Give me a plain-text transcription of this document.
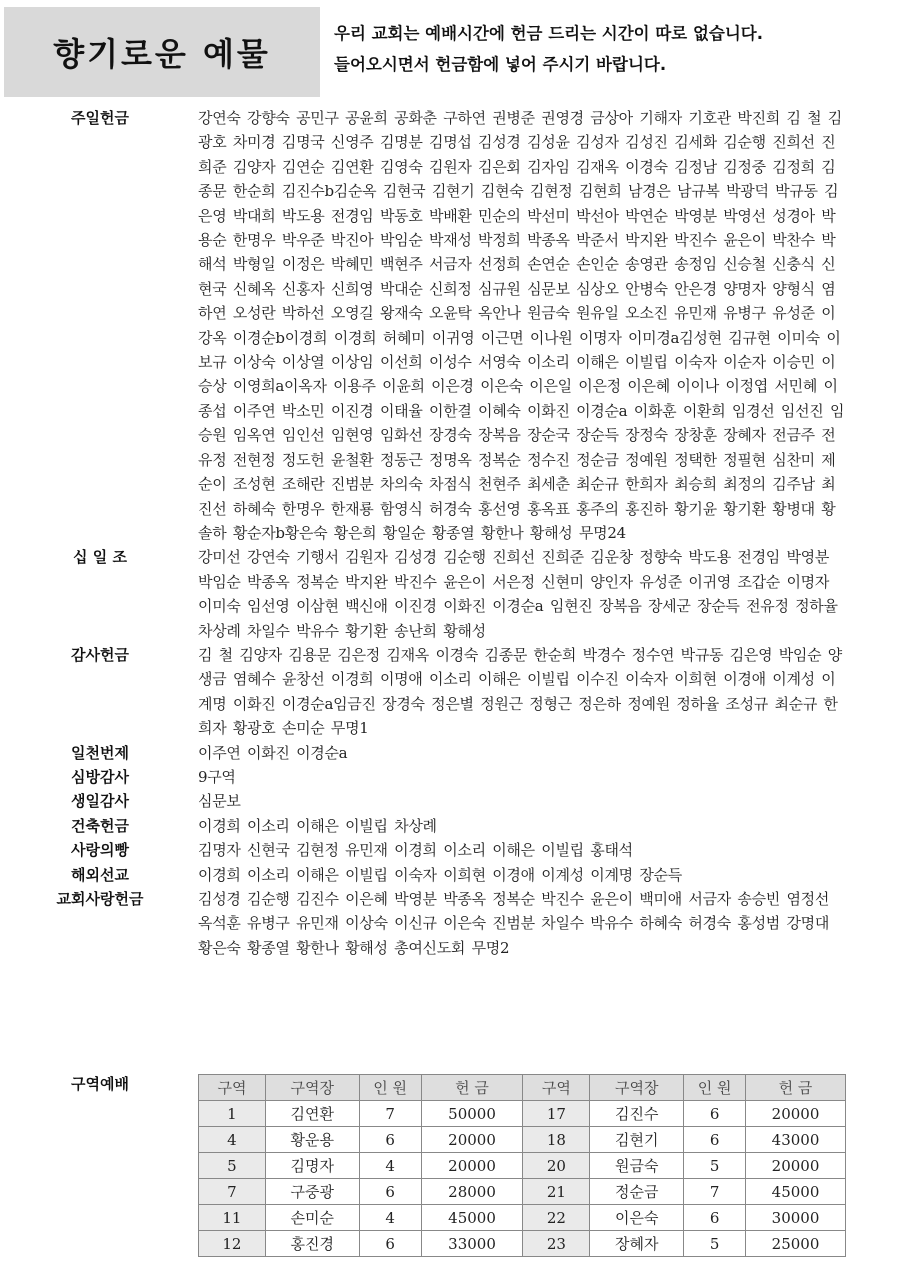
향기로운 예물
우리 교회는 예배시간에 헌금 드리는 시간이 따로 없습니다.
들어오시면서 헌금함에 넣어 주시기 바랍니다.
주일헌금	강연숙 강향숙 공민구 공윤희 공화춘 구하연 권병준 권영경 금상아 기해자 기호관 박진희 김 철 김광호 차미경 김명국 신영주 김명분 김명섭 김성경 김성윤 김성자 김성진 김세화 김순행 진희선 진희준 김양자 김연순 김연환 김영숙 김원자 김은회 김자임 김재옥 이경숙 김정남 김정중 김정희 김종문 한순희 김진수b김순옥 김현국 김현기 김현숙 김현정 김현희 남경은 남규복 박광덕 박규동 김은영 박대희 박도용 전경임 박동호 박배환 민순의 박선미 박선아 박연순 박영분 박영선 성경아 박용순 한명우 박우준 박진아 박임순 박재성 박정희 박종옥 박준서 박지완 박진수 윤은이 박찬수 박해석 박형일 이정은 박혜민 백현주 서금자 선정희 손연순 손인순 송영관 송정임 신승철 신충식 신현국 신혜옥 신홍자 신희영 박대순 신희정 심규원 심문보 심상오 안병숙 안은경 양명자 양형식 염하연 오성란 박하선 오영길 왕재숙 오윤탁 옥안나 원금숙 원유일 오소진 유민재 유병구 유성준 이강옥 이경순b이경희 이경희 허혜미 이귀영 이근면 이나원 이명자 이미경a김성현 김규현 이미숙 이보규 이상숙 이상열 이상임 이선희 이성수 서영숙 이소리 이해은 이빌립 이숙자 이순자 이승민 이승상 이영희a이옥자 이용주 이윤희 이은경 이은숙 이은일 이은정 이은혜 이이나 이정엽 서민혜 이종섭 이주연 박소민 이진경 이태율 이한결 이혜숙 이화진 이경순a 이화훈 이환희 임경선 임선진 임승원 임옥연 임인선 임현영 임화선 장경숙 장복음 장순국 장순득 장정숙 장창훈 장혜자 전금주 전유정 전현정 정도헌 윤철환 정동근 정명옥 정복순 정수진 정순금 정예원 정택한 정필현 심찬미 제순이 조성현 조해란 진범분 차의숙 차점식 천현주 최세춘 최순규 한희자 최승희 최정의 김주남 최진선 하혜숙 한명우 한재룡 함영식 허경숙 홍선영 홍옥표 홍주의 홍진하 황기윤 황기환 황병대 황솔하 황순자b황은숙 황은희 황일순 황종열 황한나 황해성 무명24
십 일 조	강미선 강연숙 기행서 김원자 김성경 김순행 진희선 진희준 김운창 정향숙 박도용 전경임 박영분 박임순 박종옥 정복순 박지완 박진수 윤은이 서은정 신현미 양인자 유성준 이귀영 조갑순 이명자 이미숙 임선영 이삼현 백신애 이진경 이화진 이경순a 임현진 장복음 장세군 장순득 전유정 정하율 차상례 차일수 박유수 황기환 송난희 황해성
감사헌금	김 철 김양자 김용문 김은정 김재옥 이경숙 김종문 한순희 박경수 정수연 박규동 김은영 박임순 양생금 염혜수 윤창선 이경희 이명애 이소리 이해은 이빌립 이수진 이숙자 이희현 이경애 이계성 이계명 이화진 이경순a임금진 장경숙 정은별 정원근 정형근 정은하 정예원 정하율 조성규 최순규 한희자 황광호 손미순 무명1
일천번제	이주연 이화진 이경순a
심방감사	9구역
생일감사	심문보
건축헌금	이경희 이소리 이해은 이빌립 차상례
사랑의빵	김명자 신현국 김현정 유민재 이경희 이소리 이해은 이빌립 홍태석
해외선교	이경희 이소리 이해은 이빌립 이숙자 이희현 이경애 이계성 이계명 장순득
교회사랑헌금	김성경 김순행 김진수 이은혜 박영분 박종옥 정복순 박진수 윤은이 백미애 서금자 송승빈 염정선 옥석훈 유병구 유민재 이상숙 이신규 이은숙 진범분 차일수 박유수 하혜숙 허경숙 홍성범 강명대 황은숙 황종열 황한나 황해성 총여신도회 무명2
구역예배	구역	구역장	인 원	헌 금	구역	구역장	인 원	헌 금
1	김연환	7	50000	17	김진수	6	20000
4	황운용	6	20000	18	김현기	6	43000
5	김명자	4	20000	20	원금숙	5	20000
7	구중광	6	28000	21	정순금	7	45000
11	손미순	4	45000	22	이은숙	6	30000
12	홍진경	6	33000	23	장혜자	5	25000
